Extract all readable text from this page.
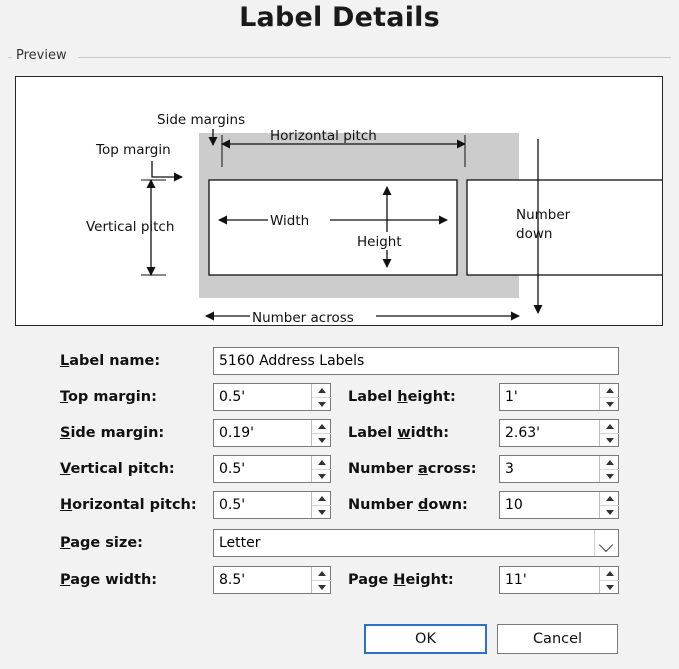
Label Details
Preview
Side margins
Top margin
Horizontal pitch
Vertical pitch	Width
Height
Number
down
Number across
Label name:
5160 Address Labels
Top margin:
0.5'	Label height:
1'
Side margin:
0.19'	Label width:
2.63'
Vertical pitch:
0.5'	Number across:
3
Horizontal pitch:
0.5'	Number down:
10
Page size:
Letter
Page width:
8.5'	Page Height:
11'
OK	Cancel
